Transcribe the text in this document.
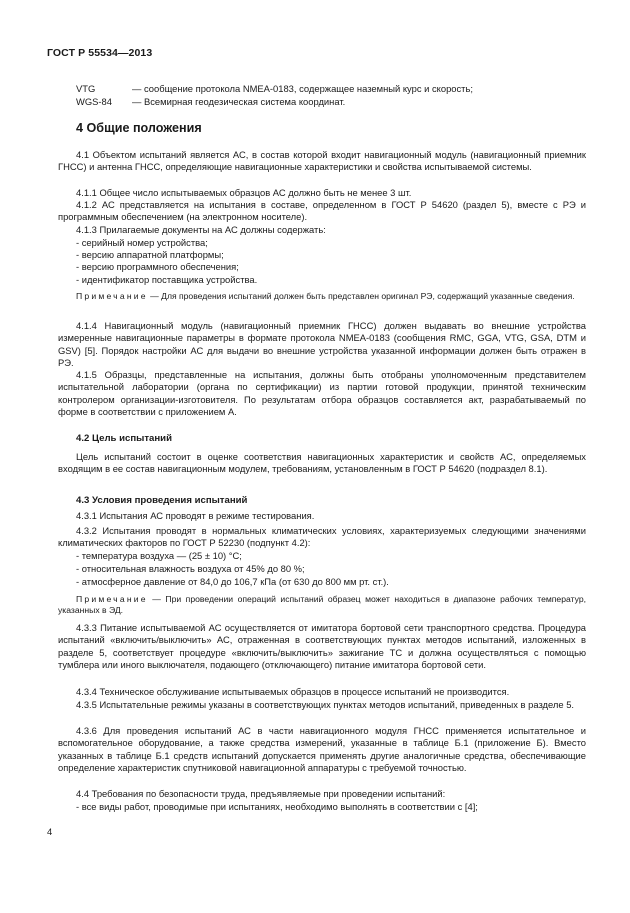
ГОСТ Р 55534—2013
VTG	— сообщение протокола NMEA-0183, содержащее наземный курс и скорость;
WGS-84 — Всемирная геодезическая система координат.
4 Общие положения
4.1 Объектом испытаний является АС, в состав которой входит навигационный модуль (навигационный приемник ГНСС) и антенна ГНСС, определяющие навигационные характеристики и свойства испытываемой системы.
4.1.1 Общее число испытываемых образцов АС должно быть не менее 3 шт.
4.1.2 АС представляется на испытания в составе, определенном в ГОСТ Р 54620 (раздел 5), вместе с РЭ и программным обеспечением (на электронном носителе).
4.1.3 Прилагаемые документы на АС должны содержать:
- серийный номер устройства;
- версию аппаратной платформы;
- версию программного обеспечения;
- идентификатор поставщика устройства.
Примечание — Для проведения испытаний должен быть представлен оригинал РЭ, содержащий указанные сведения.
4.1.4 Навигационный модуль (навигационный приемник ГНСС) должен выдавать во внешние устройства измеренные навигационные параметры в формате протокола NMEA-0183 (сообщения RMC, GGA, VTG, GSA, DTM и GSV) [5]. Порядок настройки АС для выдачи во внешние устройства указанной информации должен быть отражен в РЭ.
4.1.5 Образцы, представленные на испытания, должны быть отобраны уполномоченным представителем испытательной лаборатории (органа по сертификации) из партии готовой продукции, принятой техническим контролером организации-изготовителя. По результатам отбора образцов составляется акт, разрабатываемый по форме в соответствии с приложением А.
4.2 Цель испытаний
Цель испытаний состоит в оценке соответствия навигационных характеристик и свойств АС, определяемых входящим в ее состав навигационным модулем, требованиям, установленным в ГОСТ Р 54620 (подраздел 8.1).
4.3 Условия проведения испытаний
4.3.1 Испытания АС проводят в режиме тестирования.
4.3.2 Испытания проводят в нормальных климатических условиях, характеризуемых следующими значениями климатических факторов по ГОСТ Р 52230 (подпункт 4.2):
- температура воздуха — (25 ± 10) °С;
- относительная влажность воздуха от 45% до 80 %;
- атмосферное давление от 84,0 до 106,7 кПа (от 630 до 800 мм рт. ст.).
Примечание — При проведении операций испытаний образец может находиться в диапазоне рабочих температур, указанных в ЭД.
4.3.3 Питание испытываемой АС осуществляется от имитатора бортовой сети транспортного средства. Процедура испытаний «включить/выключить» АС, отраженная в соответствующих пунктах методов испытаний, изложенных в разделе 5, соответствует процедуре «включить/выключить» зажигание ТС и должна осуществляться с помощью тумблера или иного выключателя, подающего (отключающего) питание имитатора бортовой сети.
4.3.4 Техническое обслуживание испытываемых образцов в процессе испытаний не производится.
4.3.5 Испытательные режимы указаны в соответствующих пунктах методов испытаний, приведенных в разделе 5.
4.3.6 Для проведения испытаний АС в части навигационного модуля ГНСС применяется испытательное и вспомогательное оборудование, а также средства измерений, указанные в таблице Б.1 (приложение Б). Вместо указанных в таблице Б.1 средств испытаний допускается применять другие аналогичные средства, обеспечивающие определение характеристик спутниковой навигационной аппаратуры с требуемой точностью.
4.4 Требования по безопасности труда, предъявляемые при проведении испытаний:
- все виды работ, проводимые при испытаниях, необходимо выполнять в соответствии с [4];
4
